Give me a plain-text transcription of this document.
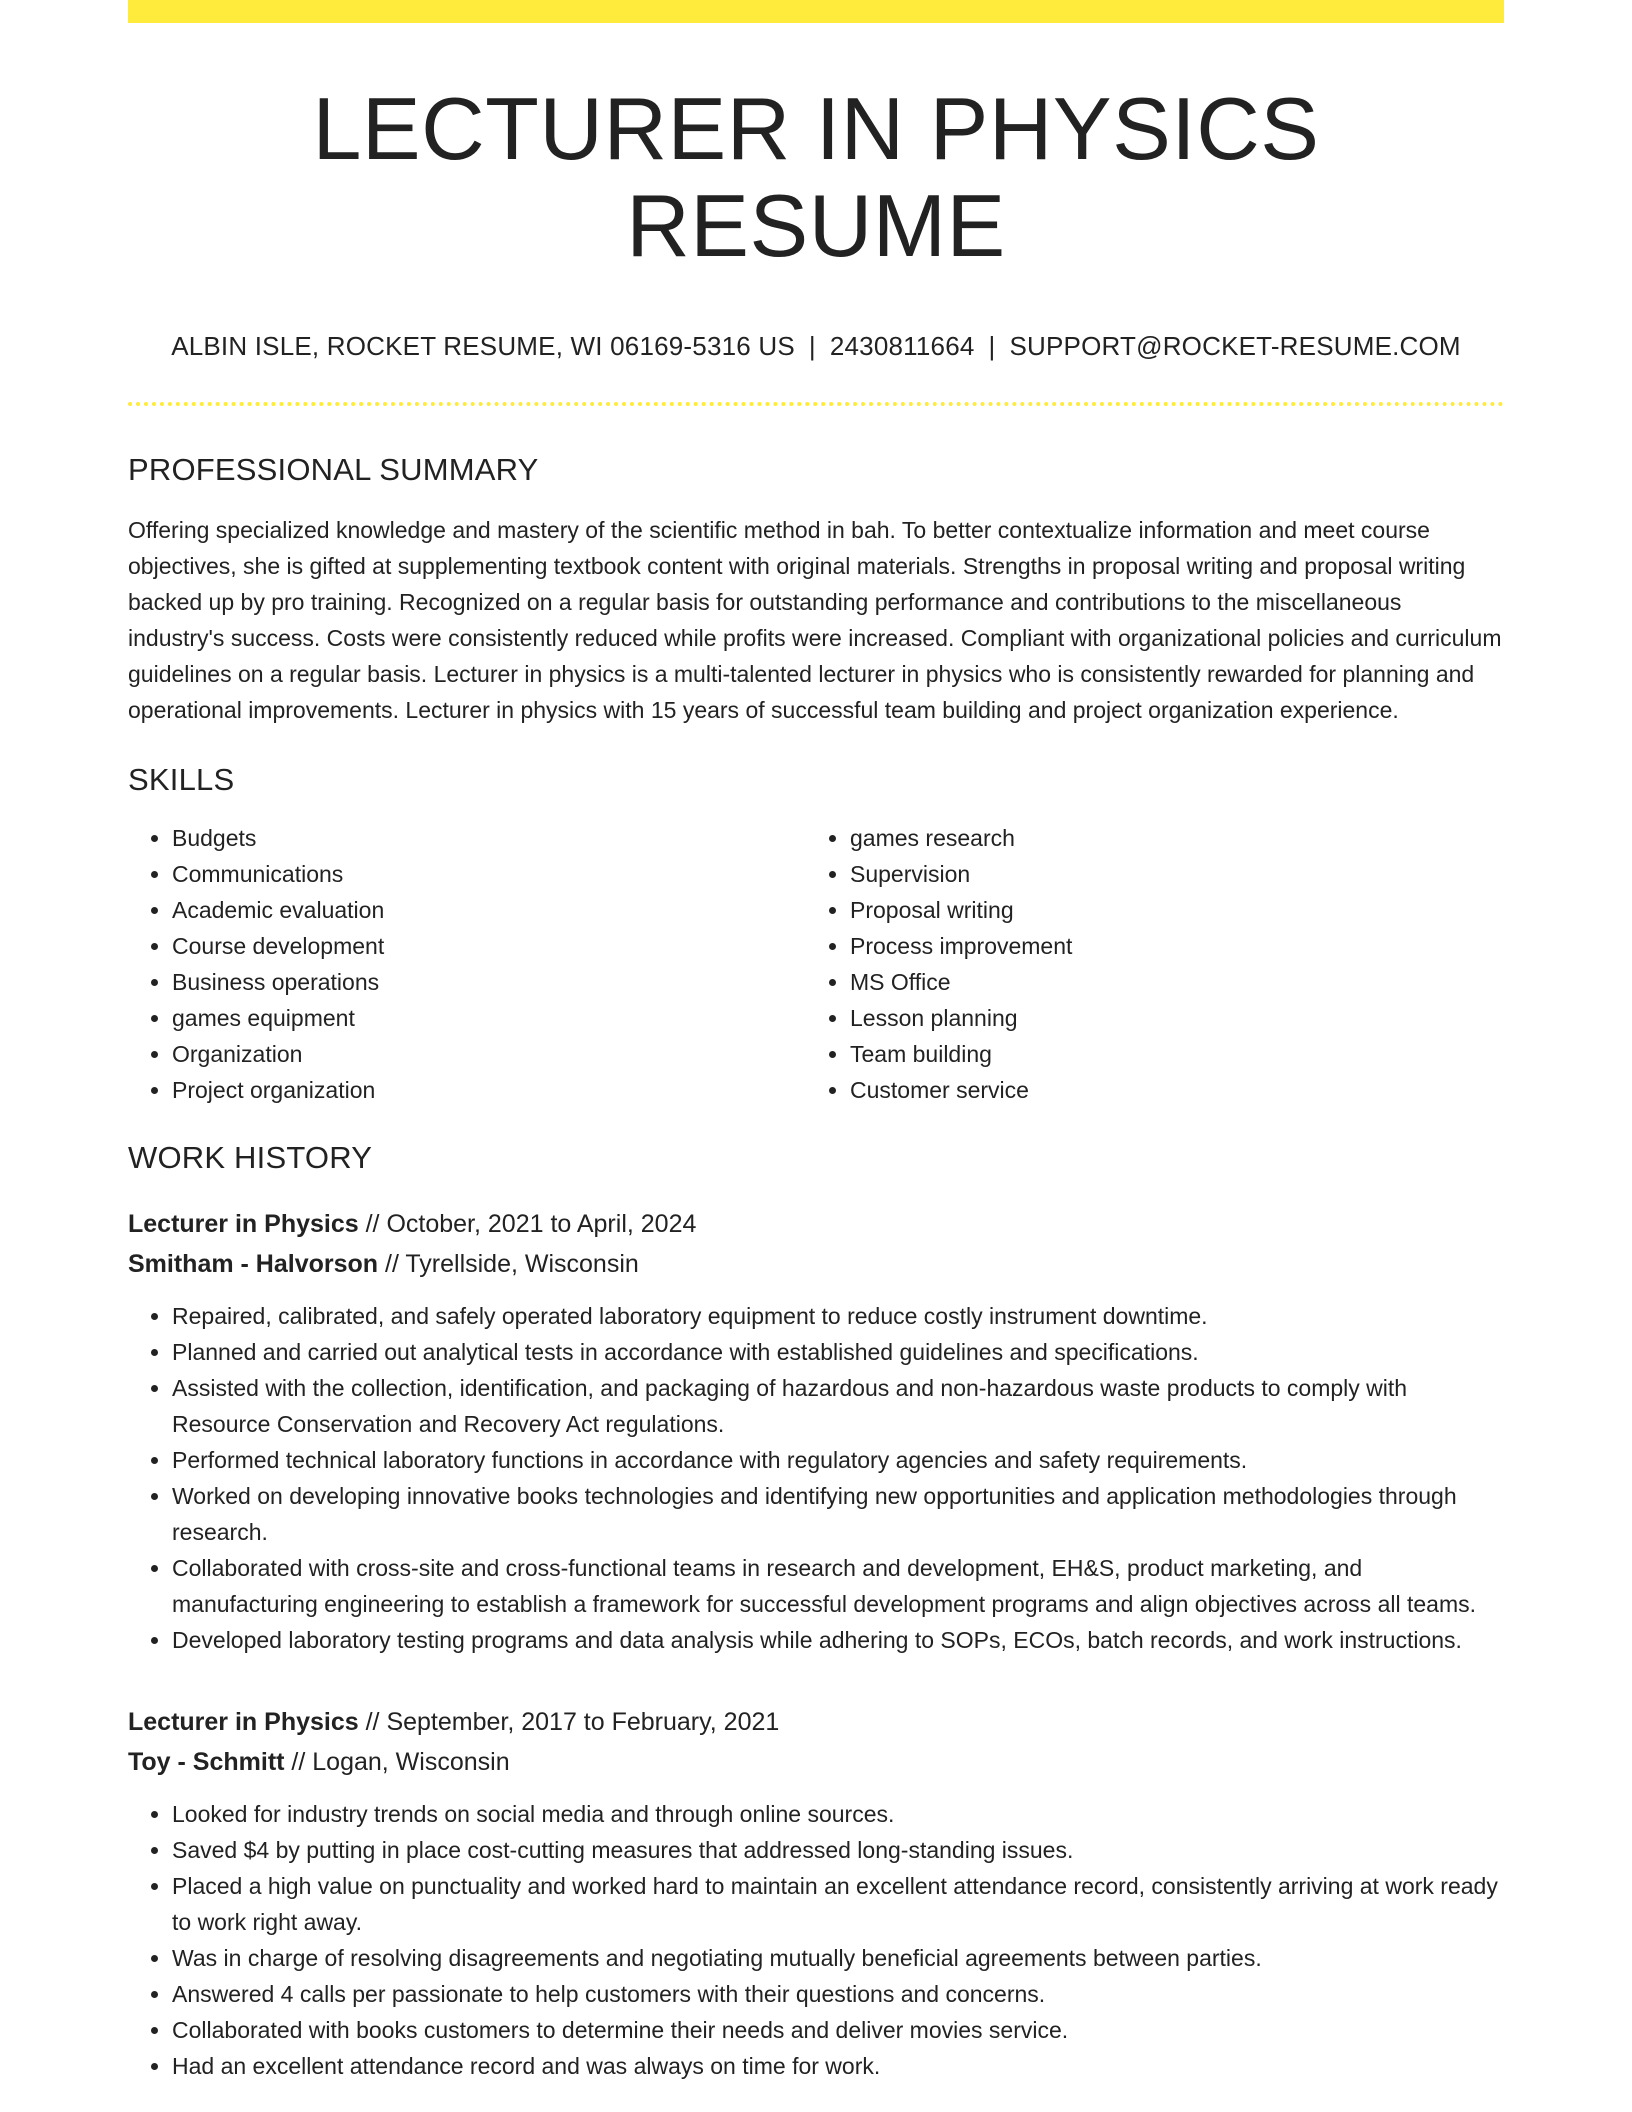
LECTURER IN PHYSICS RESUME
ALBIN ISLE, ROCKET RESUME, WI 06169-5316 US | 2430811664 | SUPPORT@ROCKET-RESUME.COM
PROFESSIONAL SUMMARY
Offering specialized knowledge and mastery of the scientific method in bah. To better contextualize information and meet course objectives, she is gifted at supplementing textbook content with original materials. Strengths in proposal writing and proposal writing backed up by pro training. Recognized on a regular basis for outstanding performance and contributions to the miscellaneous industry's success. Costs were consistently reduced while profits were increased. Compliant with organizational policies and curriculum guidelines on a regular basis. Lecturer in physics is a multi-talented lecturer in physics who is consistently rewarded for planning and operational improvements. Lecturer in physics with 15 years of successful team building and project organization experience.
SKILLS
• Budgets
• Communications
• Academic evaluation
• Course development
• Business operations
• games equipment
• Organization
• Project organization
• games research
• Supervision
• Proposal writing
• Process improvement
• MS Office
• Lesson planning
• Team building
• Customer service
WORK HISTORY
Lecturer in Physics // October, 2021 to April, 2024
Smitham - Halvorson // Tyrellside, Wisconsin
• Repaired, calibrated, and safely operated laboratory equipment to reduce costly instrument downtime.
• Planned and carried out analytical tests in accordance with established guidelines and specifications.
• Assisted with the collection, identification, and packaging of hazardous and non-hazardous waste products to comply with Resource Conservation and Recovery Act regulations.
• Performed technical laboratory functions in accordance with regulatory agencies and safety requirements.
• Worked on developing innovative books technologies and identifying new opportunities and application methodologies through research.
• Collaborated with cross-site and cross-functional teams in research and development, EH&S, product marketing, and manufacturing engineering to establish a framework for successful development programs and align objectives across all teams.
• Developed laboratory testing programs and data analysis while adhering to SOPs, ECOs, batch records, and work instructions.
Lecturer in Physics // September, 2017 to February, 2021
Toy - Schmitt // Logan, Wisconsin
• Looked for industry trends on social media and through online sources.
• Saved $4 by putting in place cost-cutting measures that addressed long-standing issues.
• Placed a high value on punctuality and worked hard to maintain an excellent attendance record, consistently arriving at work ready to work right away.
• Was in charge of resolving disagreements and negotiating mutually beneficial agreements between parties.
• Answered 4 calls per passionate to help customers with their questions and concerns.
• Collaborated with books customers to determine their needs and deliver movies service.
• Had an excellent attendance record and was always on time for work.
